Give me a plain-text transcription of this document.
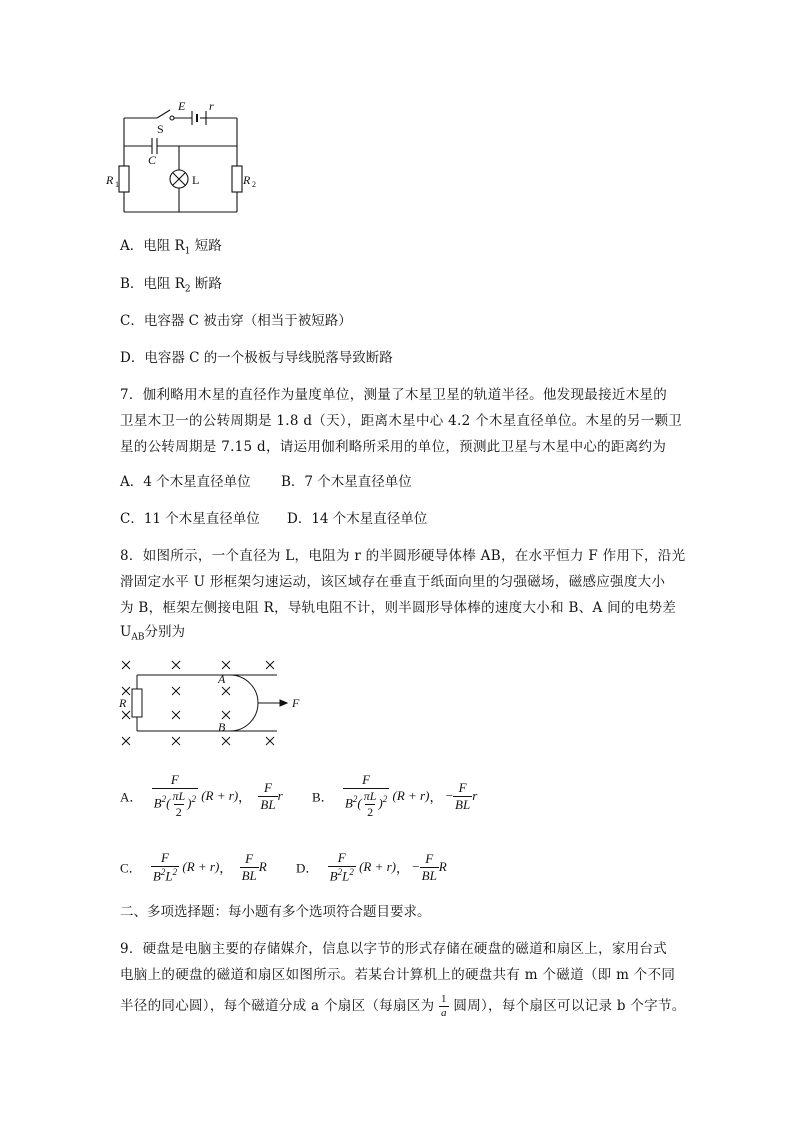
E r
S
C
L
R 1	R 2
A．电阻 $R_1$ 短路
B．电阻 $R_2$ 断路
C．电容器 C 被击穿（相当于被短路）
D．电容器 C 的一个极板与导线脱落导致断路
7．伽利略用木星的直径作为量度单位，测量了木星卫星的轨道半径。他发现最接近木星的
卫星木卫一的公转周期是 1.8 d（天），距离木星中心 4.2 个木星直径单位。木星的另一颗卫
星的公转周期是 7.15 d，请运用伽利略所采用的单位，预测此卫星与木星中心的距离约为
A．4 个木星直径单位 B．7 个木星直径单位
C．11 个木星直径单位 D．14 个木星直径单位
8．如图所示，一个直径为 L，电阻为 r 的半圆形硬导体棒 AB，在水平恒力 F 作用下，沿光
滑固定水平 U 形框架匀速运动，该区域存在垂直于纸面向里的匀强磁场，磁感应强度大小
为 B，框架左侧接电阻 R，导轨电阻不计，则半圆形导体棒的速度大小和 B、A 间的电势差
$U_{AB}$分别为
A
B
R	F
A． $\frac{F}{B^2( \frac{\pi L}{2} )^2} (R + r)$， $\frac{F}{BL}$ r B． $\frac{F}{B^2( \frac{\pi L}{2} )^2} (R + r)$， − $\frac{F}{BL}$ r
C． $\frac{F}{B^2L^2} (R + r)$， $\frac{F}{BL}$ R D． $\frac{F}{B^2L^2} (R + r)$， − $\frac{F}{BL}$ R
二、多项选择题：每小题有多个选项符合题目要求。
9．硬盘是电脑主要的存储媒介，信息以字节的形式存储在硬盘的磁道和扇区上，家用台式
电脑上的硬盘的磁道和扇区如图所示。若某台计算机上的硬盘共有 m 个磁道（即 m 个不同
半径的同心圆），每个磁道分成 a 个扇区（每扇区为 $\frac{1}{a}$ 圆周），每个扇区可以记录 b 个字节。
